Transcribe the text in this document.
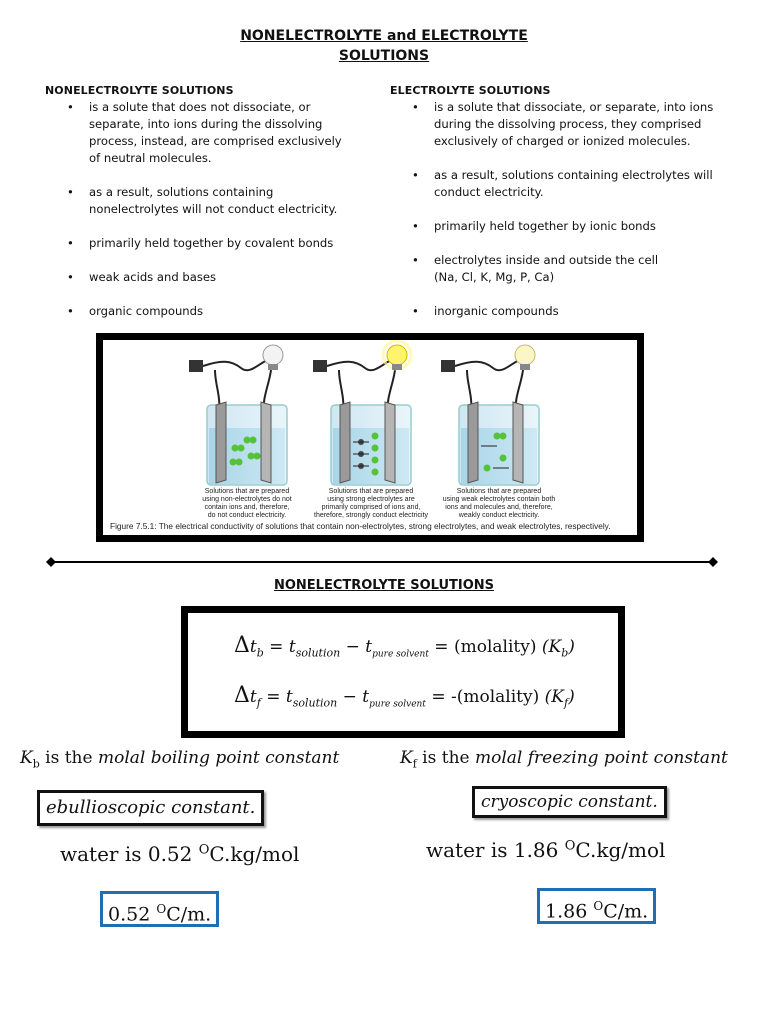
NONELECTROLYTE and ELECTROLYTE
SOLUTIONS
NONELECTROLYTE SOLUTIONS
• is a solute that does not dissociate, or separate, into ions during the dissolving process, instead, are comprised exclusively of neutral molecules.
• as a result, solutions containing nonelectrolytes will not conduct electricity.
• primarily held together by covalent bonds
• weak acids and bases
• organic compounds
ELECTROLYTE SOLUTIONS
• is a solute that dissociate, or separate, into ions during the dissolving process, they comprised exclusively of charged or ionized molecules.
• as a result, solutions containing electrolytes will conduct electricity.
• primarily held together by ionic bonds
• electrolytes inside and outside the cell
(Na, Cl, K, Mg, P, Ca)
• inorganic compounds
Solutions that are prepared
using non-electrolytes do not
contain ions and, therefore,
do not conduct electricity.
Solutions that are prepared
using strong electrolytes are
primarily comprised of ions and,
therefore, strongly conduct electricity
Solutions that are prepared
using weak electrolytes contain both
ions and molecules and, therefore,
weakly conduct electricity.
Figure 7.5.1: The electrical conductivity of solutions that contain non-electrolytes, strong electrolytes, and weak electrolytes, respectively.
NONELECTROLYTE SOLUTIONS
$\Delta t_b = t_{solution} - t_{pure solvent}$ = (molality) $(K_b)$
$\Delta t_f = t_{solution} - t_{pure solvent}$ = -(molality) $(K_f)$
$K_b$ is the molal boiling point constant	$K_f$ is the molal freezing point constant
ebullioscopic constant.	cryoscopic constant.
water is 0.52 $^O$C.kg/mol	water is 1.86 $^O$C.kg/mol
0.52 $^O$C/m.	1.86 $^O$C/m.
